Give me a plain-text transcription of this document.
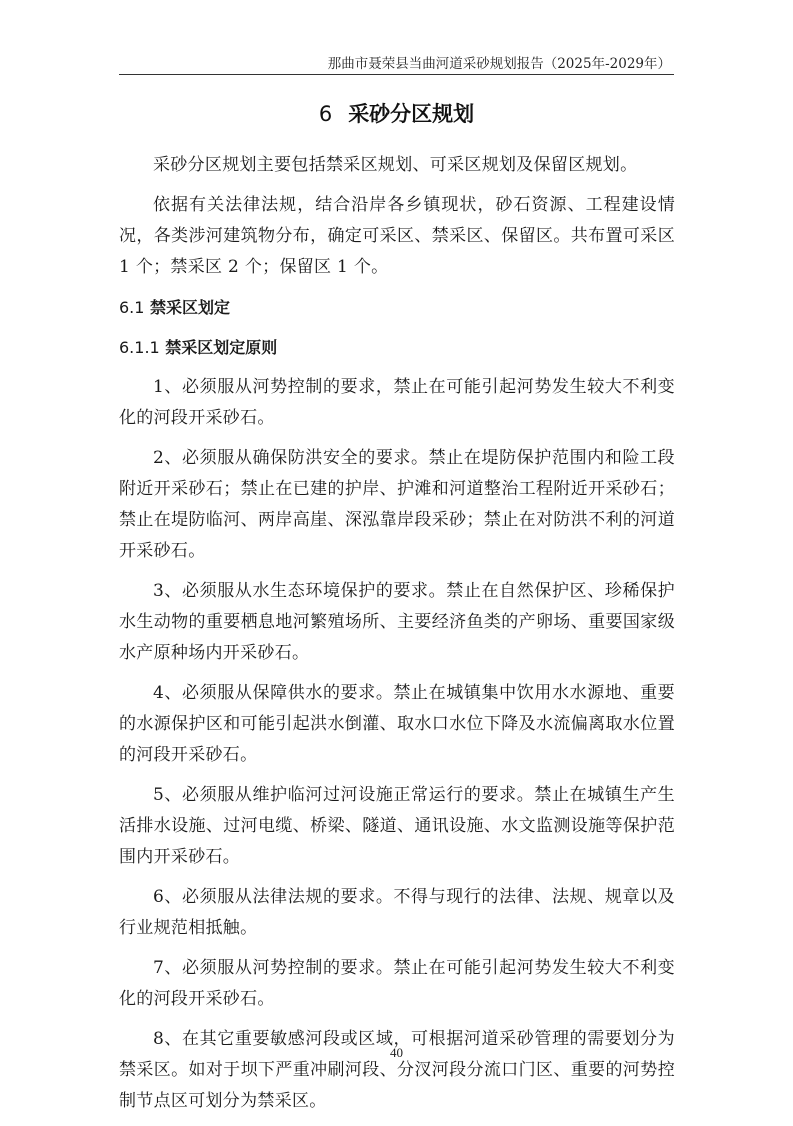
那曲市聂荣县当曲河道采砂规划报告（2025年-2029年）
6 采砂分区规划

采砂分区规划主要包括禁采区规划、可采区规划及保留区规划。

依据有关法律法规，结合沿岸各乡镇现状，砂石资源、工程建设情况，各类涉河建筑物分布，确定可采区、禁采区、保留区。共布置可采区 1 个；禁采区 2 个；保留区 1 个。

6.1 禁采区划定
6.1.1 禁采区划定原则

1、必须服从河势控制的要求，禁止在可能引起河势发生较大不利变化的河段开采砂石。

2、必须服从确保防洪安全的要求。禁止在堤防保护范围内和险工段附近开采砂石；禁止在已建的护岸、护滩和河道整治工程附近开采砂石；禁止在堤防临河、两岸高崖、深泓靠岸段采砂；禁止在对防洪不利的河道开采砂石。

3、必须服从水生态环境保护的要求。禁止在自然保护区、珍稀保护水生动物的重要栖息地河繁殖场所、主要经济鱼类的产卵场、重要国家级水产原种场内开采砂石。

4、必须服从保障供水的要求。禁止在城镇集中饮用水水源地、重要的水源保护区和可能引起洪水倒灌、取水口水位下降及水流偏离取水位置的河段开采砂石。

5、必须服从维护临河过河设施正常运行的要求。禁止在城镇生产生活排水设施、过河电缆、桥梁、隧道、通讯设施、水文监测设施等保护范围内开采砂石。

6、必须服从法律法规的要求。不得与现行的法律、法规、规章以及行业规范相抵触。

7、必须服从河势控制的要求。禁止在可能引起河势发生较大不利变化的河段开采砂石。

8、在其它重要敏感河段或区域，可根据河道采砂管理的需要划分为禁采区。如对于坝下严重冲刷河段、分汊河段分流口门区、重要的河势控制节点区可划分为禁采区。

40
